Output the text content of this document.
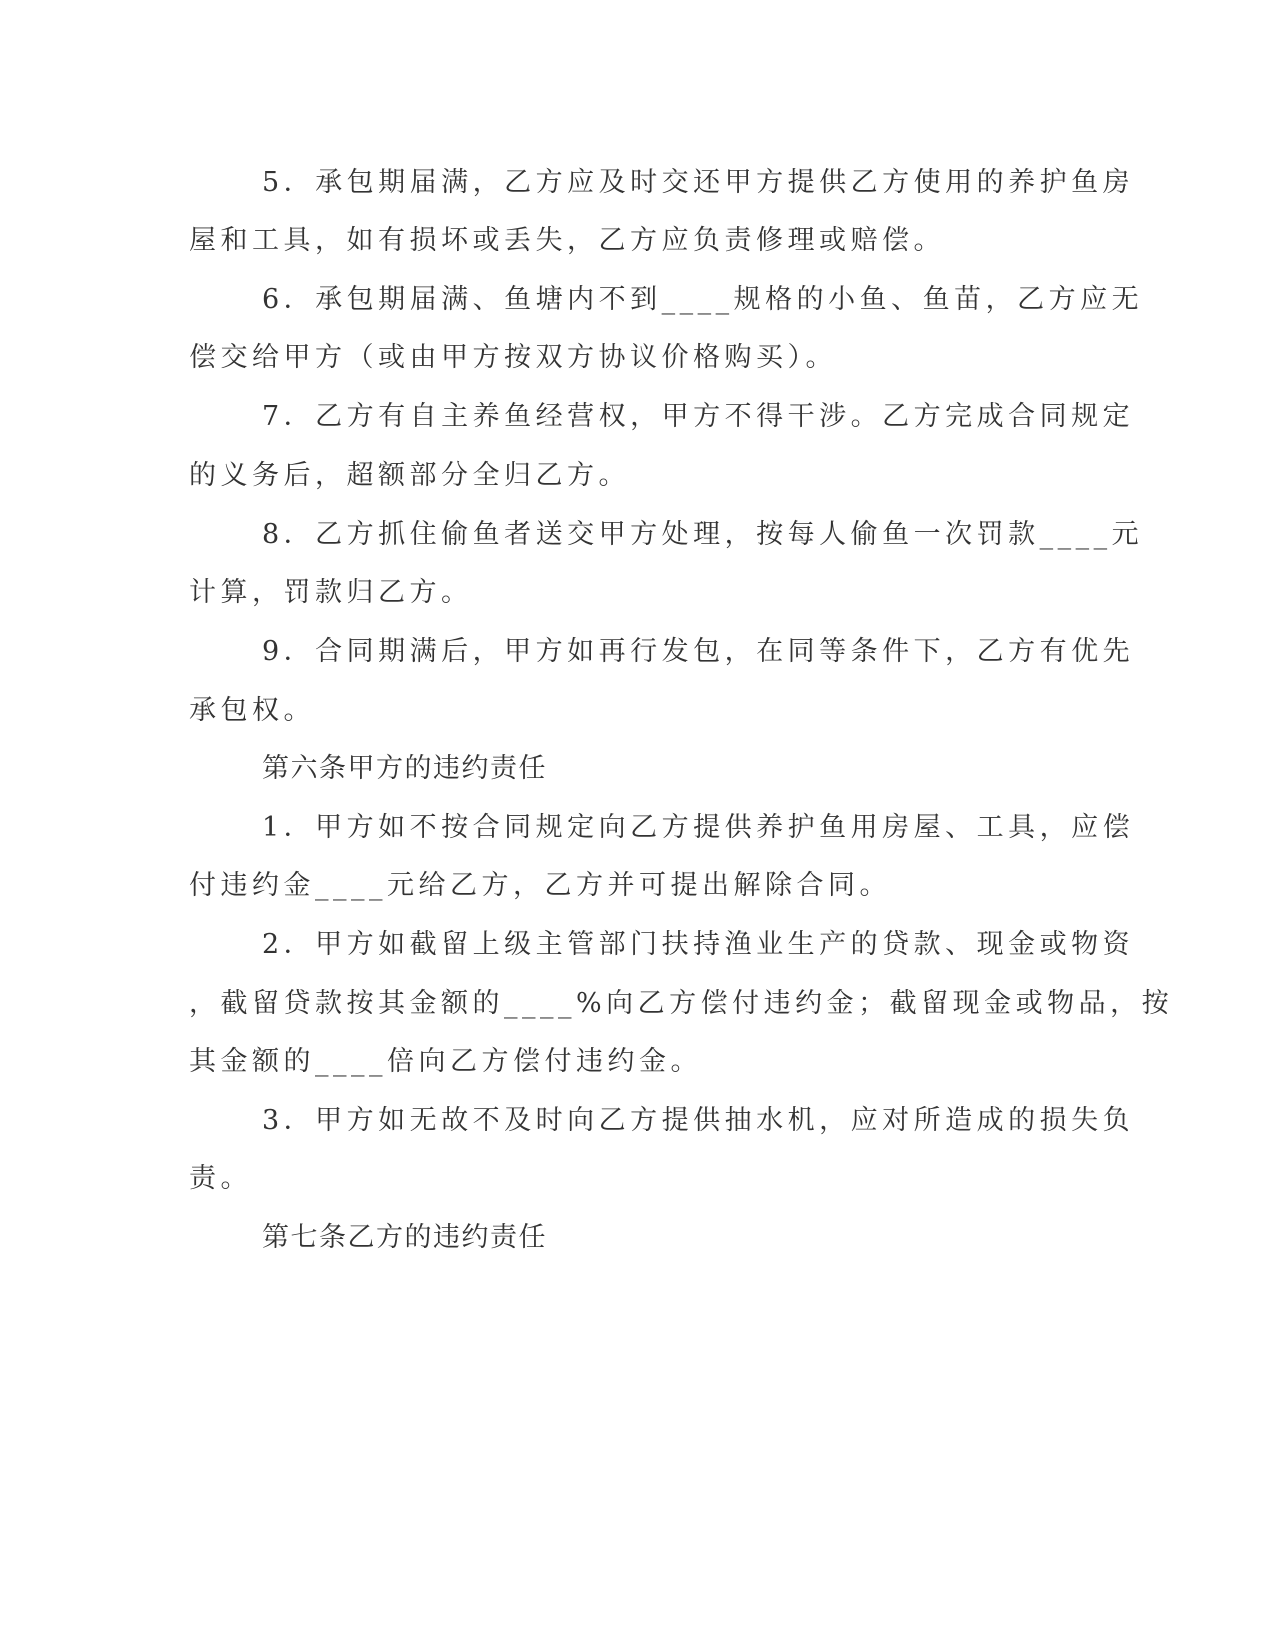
5．承包期届满，乙方应及时交还甲方提供乙方使用的养护鱼房
屋和工具，如有损坏或丢失，乙方应负责修理或赔偿。
6．承包期届满、鱼塘内不到____规格的小鱼、鱼苗，乙方应无
偿交给甲方（或由甲方按双方协议价格购买）。
7．乙方有自主养鱼经营权，甲方不得干涉。乙方完成合同规定
的义务后，超额部分全归乙方。
8．乙方抓住偷鱼者送交甲方处理，按每人偷鱼一次罚款____元
计算，罚款归乙方。
9．合同期满后，甲方如再行发包，在同等条件下，乙方有优先
承包权。
第六条甲方的违约责任
1．甲方如不按合同规定向乙方提供养护鱼用房屋、工具，应偿
付违约金____元给乙方，乙方并可提出解除合同。
2．甲方如截留上级主管部门扶持渔业生产的贷款、现金或物资
，截留贷款按其金额的____%向乙方偿付违约金；截留现金或物品，按
其金额的____倍向乙方偿付违约金。
3．甲方如无故不及时向乙方提供抽水机，应对所造成的损失负
责。
第七条乙方的违约责任
